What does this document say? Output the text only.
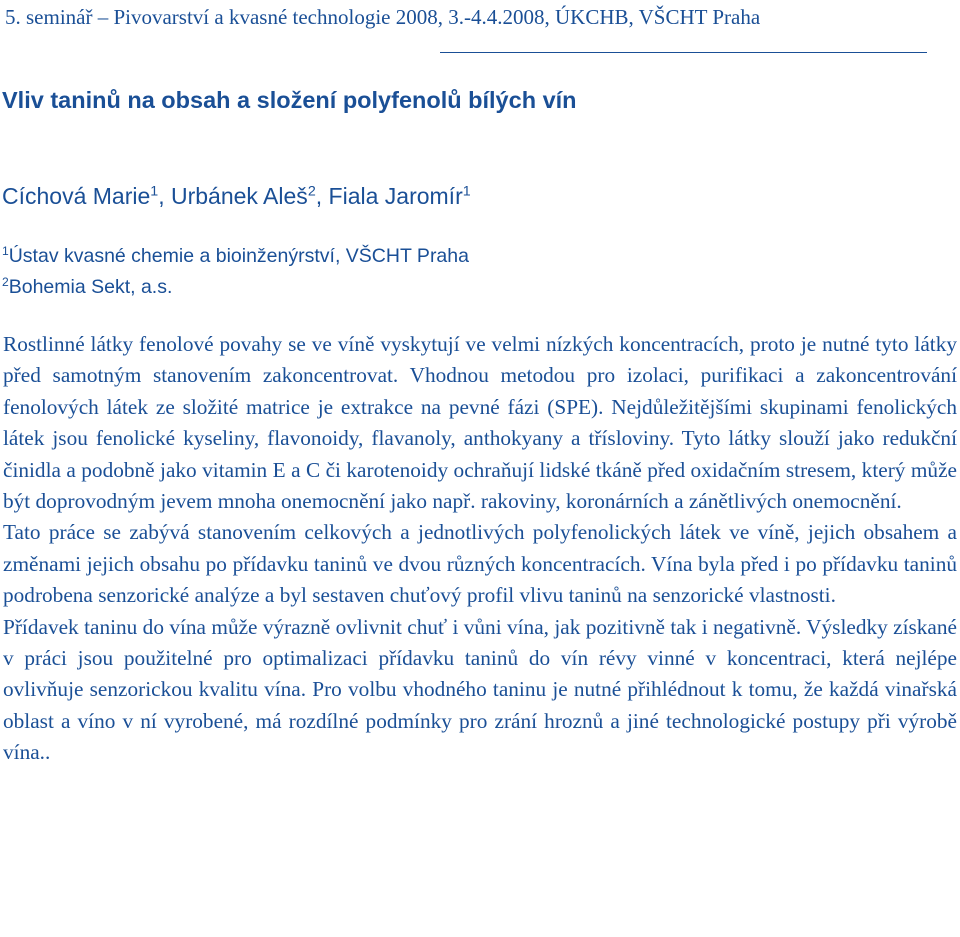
5. seminář – Pivovarství a kvasné technologie 2008, 3.-4.4.2008, ÚKCHB, VŠCHT Praha
Vliv taninů na obsah a složení polyfenolů bílých vín
Cíchová Marie$^1$, Urbánek Aleš$^2$, Fiala Jaromír$^1$
$^1$Ústav kvasné chemie a bioinženýrství, VŠCHT Praha
$^2$Bohemia Sekt, a.s.

Rostlinné látky fenolové povahy se ve víně vyskytují ve velmi nízkých koncentracích, proto je nutné tyto látky před samotným stanovením zakoncentrovat. Vhodnou metodou pro izolaci, purifikaci a zakoncentrování fenolových látek ze složité matrice je extrakce na pevné fázi (SPE). Nejdůležitějšími skupinami fenolických látek jsou fenolické kyseliny, flavonoidy, flavanoly, anthokyany a třísloviny. Tyto látky slouží jako redukční činidla a podobně jako vitamin E a C či karotenoidy ochraňují lidské tkáně před oxidačním stresem, který může být doprovodným jevem mnoha onemocnění jako např. rakoviny, koronárních a zánětlivých onemocnění.

Tato práce se zabývá stanovením celkových a jednotlivých polyfenolických látek ve víně, jejich obsahem a změnami jejich obsahu po přídavku taninů ve dvou různých koncentracích. Vína byla před i po přídavku taninů podrobena senzorické analýze a byl sestaven chuťový profil vlivu taninů na senzorické vlastnosti.

Přídavek taninu do vína může výrazně ovlivnit chuť i vůni vína, jak pozitivně tak i negativně. Výsledky získané v práci jsou použitelné pro optimalizaci přídavku taninů do vín révy vinné v koncentraci, která nejlépe ovlivňuje senzorickou kvalitu vína. Pro volbu vhodného taninu je nutné přihlédnout k tomu, že každá vinařská oblast a víno v ní vyrobené, má rozdílné podmínky pro zrání hroznů a jiné technologické postupy při výrobě vína..
